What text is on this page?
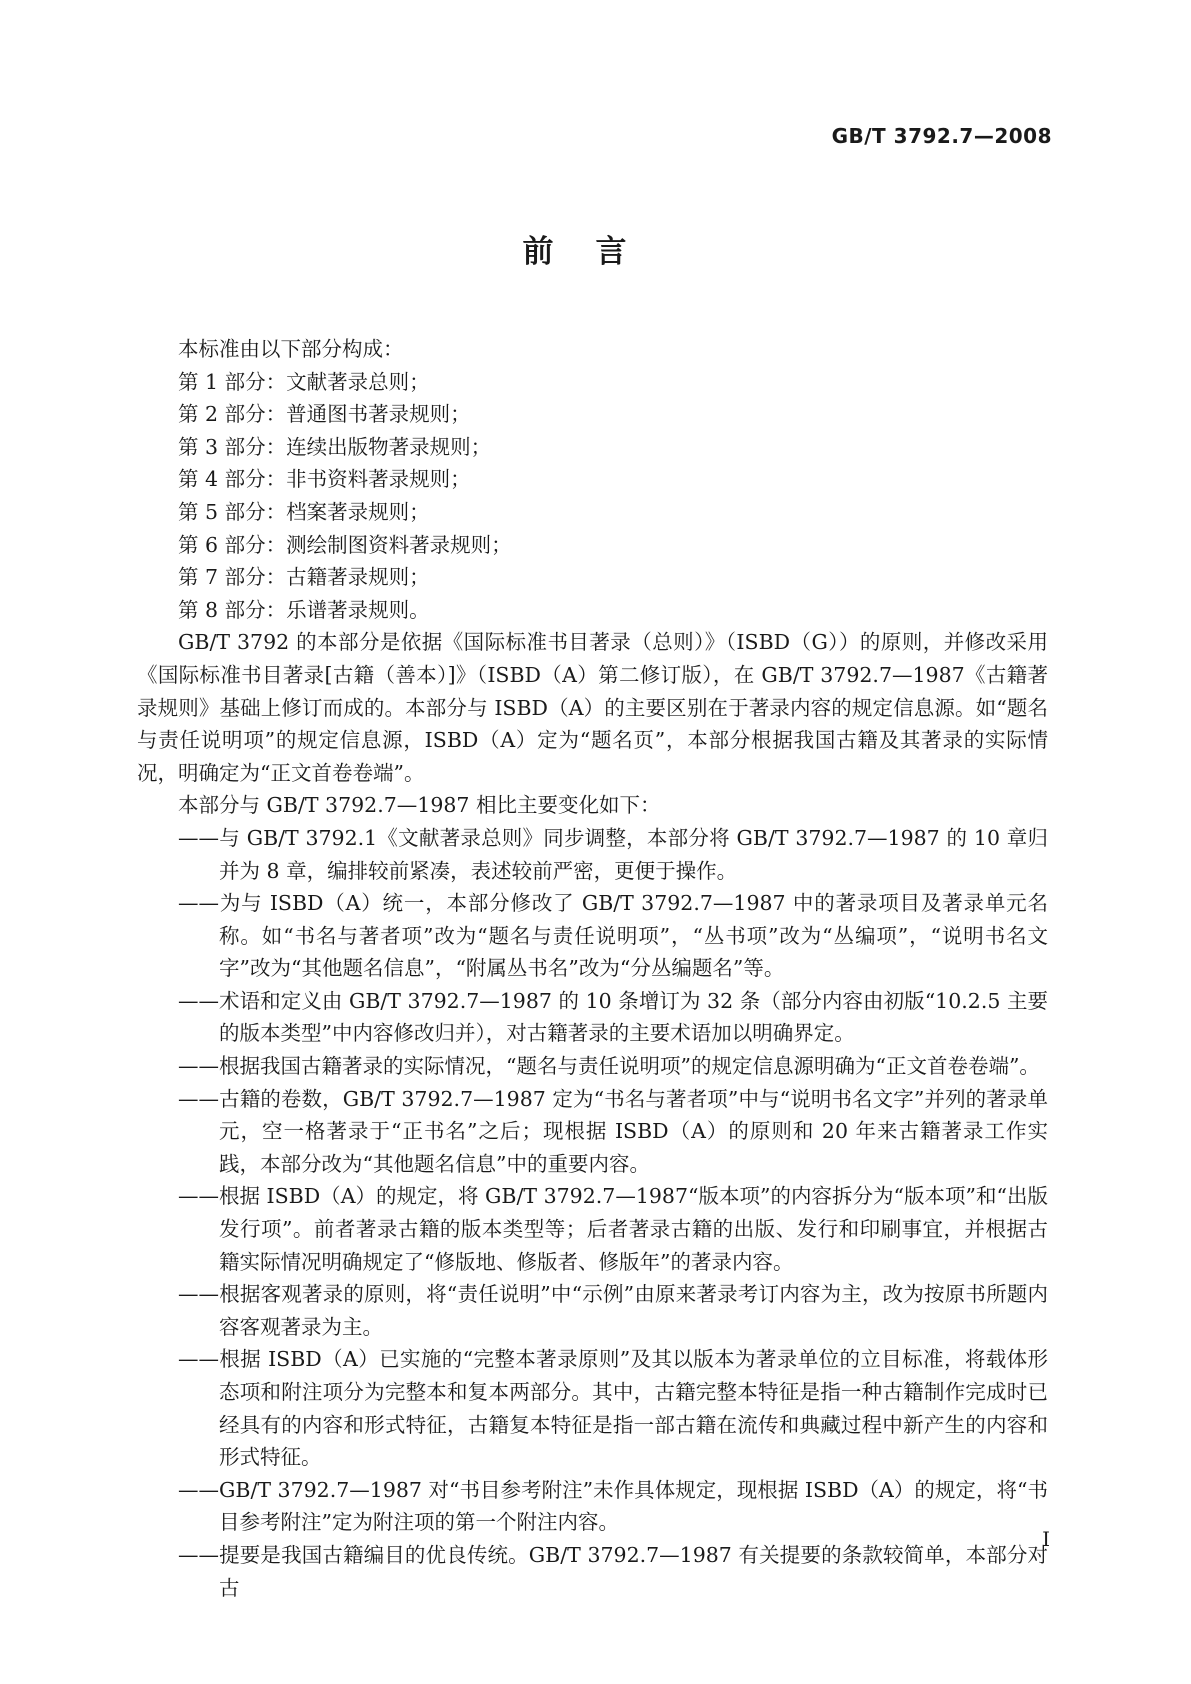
GB/T 3792.7—2008
前言

本标准由以下部分构成：

第 1 部分：文献著录总则；

第 2 部分：普通图书著录规则；

第 3 部分：连续出版物著录规则；

第 4 部分：非书资料著录规则；

第 5 部分：档案著录规则；

第 6 部分：测绘制图资料著录规则；

第 7 部分：古籍著录规则；

第 8 部分：乐谱著录规则。

GB/T 3792 的本部分是依据《国际标准书目著录（总则）》（ISBD（G））的原则，并修改采用《国际标准书目著录[古籍（善本）]》（ISBD（A）第二修订版），在 GB/T 3792.7—1987《古籍著录规则》基础上修订而成的。本部分与 ISBD（A）的主要区别在于著录内容的规定信息源。如“题名与责任说明项”的规定信息源，ISBD（A）定为“题名页”，本部分根据我国古籍及其著录的实际情况，明确定为“正文首卷卷端”。

本部分与 GB/T 3792.7—1987 相比主要变化如下：

——与 GB/T 3792.1《文献著录总则》同步调整，本部分将 GB/T 3792.7—1987 的 10 章归并为 8 章，编排较前紧凑，表述较前严密，更便于操作。

——为与 ISBD（A）统一，本部分修改了 GB/T 3792.7—1987 中的著录项目及著录单元名称。如“书名与著者项”改为“题名与责任说明项”，“丛书项”改为“丛编项”，“说明书名文字”改为“其他题名信息”，“附属丛书名”改为“分丛编题名”等。

——术语和定义由 GB/T 3792.7—1987 的 10 条增订为 32 条（部分内容由初版“10.2.5 主要的版本类型”中内容修改归并），对古籍著录的主要术语加以明确界定。

——根据我国古籍著录的实际情况，“题名与责任说明项”的规定信息源明确为“正文首卷卷端”。

——古籍的卷数，GB/T 3792.7—1987 定为“书名与著者项”中与“说明书名文字”并列的著录单元，空一格著录于“正书名”之后；现根据 ISBD（A）的原则和 20 年来古籍著录工作实践，本部分改为“其他题名信息”中的重要内容。

——根据 ISBD（A）的规定，将 GB/T 3792.7—1987“版本项”的内容拆分为“版本项”和“出版发行项”。前者著录古籍的版本类型等；后者著录古籍的出版、发行和印刷事宜，并根据古籍实际情况明确规定了“修版地、修版者、修版年”的著录内容。

——根据客观著录的原则，将“责任说明”中“示例”由原来著录考订内容为主，改为按原书所题内容客观著录为主。

——根据 ISBD（A）已实施的“完整本著录原则”及其以版本为著录单位的立目标准，将载体形态项和附注项分为完整本和复本两部分。其中，古籍完整本特征是指一种古籍制作完成时已经具有的内容和形式特征，古籍复本特征是指一部古籍在流传和典藏过程中新产生的内容和形式特征。

——GB/T 3792.7—1987 对“书目参考附注”未作具体规定，现根据 ISBD（A）的规定，将“书目参考附注”定为附注项的第一个附注内容。

——提要是我国古籍编目的优良传统。GB/T 3792.7—1987 有关提要的条款较简单，本部分对古

I
